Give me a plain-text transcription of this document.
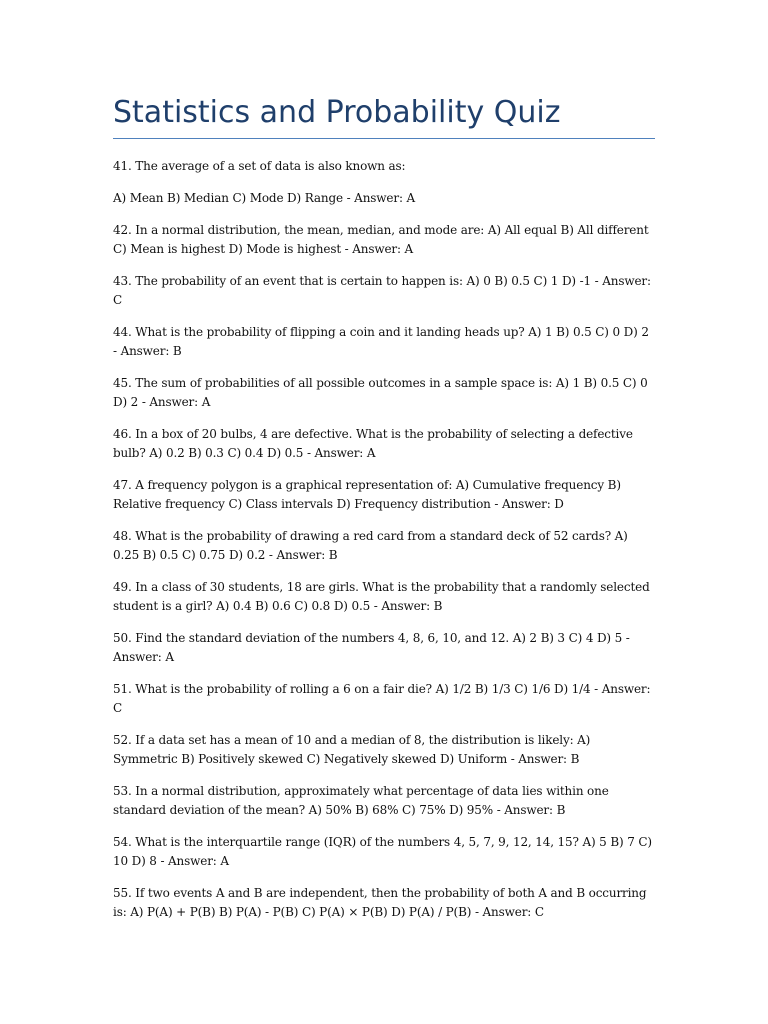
Statistics and Probability Quiz

41. The average of a set of data is also known as:

A) Mean B) Median C) Mode D) Range - Answer: A

42. In a normal distribution, the mean, median, and mode are: A) All equal B) All different C) Mean is highest D) Mode is highest - Answer: A

43. The probability of an event that is certain to happen is: A) 0 B) 0.5 C) 1 D) -1 - Answer: C

44. What is the probability of flipping a coin and it landing heads up? A) 1 B) 0.5 C) 0 D) 2 - Answer: B

45. The sum of probabilities of all possible outcomes in a sample space is: A) 1 B) 0.5 C) 0 D) 2 - Answer: A

46. In a box of 20 bulbs, 4 are defective. What is the probability of selecting a defective bulb? A) 0.2 B) 0.3 C) 0.4 D) 0.5 - Answer: A

47. A frequency polygon is a graphical representation of: A) Cumulative frequency B) Relative frequency C) Class intervals D) Frequency distribution - Answer: D

48. What is the probability of drawing a red card from a standard deck of 52 cards? A) 0.25 B) 0.5 C) 0.75 D) 0.2 - Answer: B

49. In a class of 30 students, 18 are girls. What is the probability that a randomly selected student is a girl? A) 0.4 B) 0.6 C) 0.8 D) 0.5 - Answer: B

50. Find the standard deviation of the numbers 4, 8, 6, 10, and 12. A) 2 B) 3 C) 4 D) 5 - Answer: A

51. What is the probability of rolling a 6 on a fair die? A) 1/2 B) 1/3 C) 1/6 D) 1/4 - Answer: C

52. If a data set has a mean of 10 and a median of 8, the distribution is likely: A) Symmetric B) Positively skewed C) Negatively skewed D) Uniform - Answer: B

53. In a normal distribution, approximately what percentage of data lies within one standard deviation of the mean? A) 50% B) 68% C) 75% D) 95% - Answer: B

54. What is the interquartile range (IQR) of the numbers 4, 5, 7, 9, 12, 14, 15? A) 5 B) 7 C) 10 D) 8 - Answer: A

55. If two events A and B are independent, then the probability of both A and B occurring is: A) P(A) + P(B) B) P(A) - P(B) C) P(A) × P(B) D) P(A) / P(B) - Answer: C
